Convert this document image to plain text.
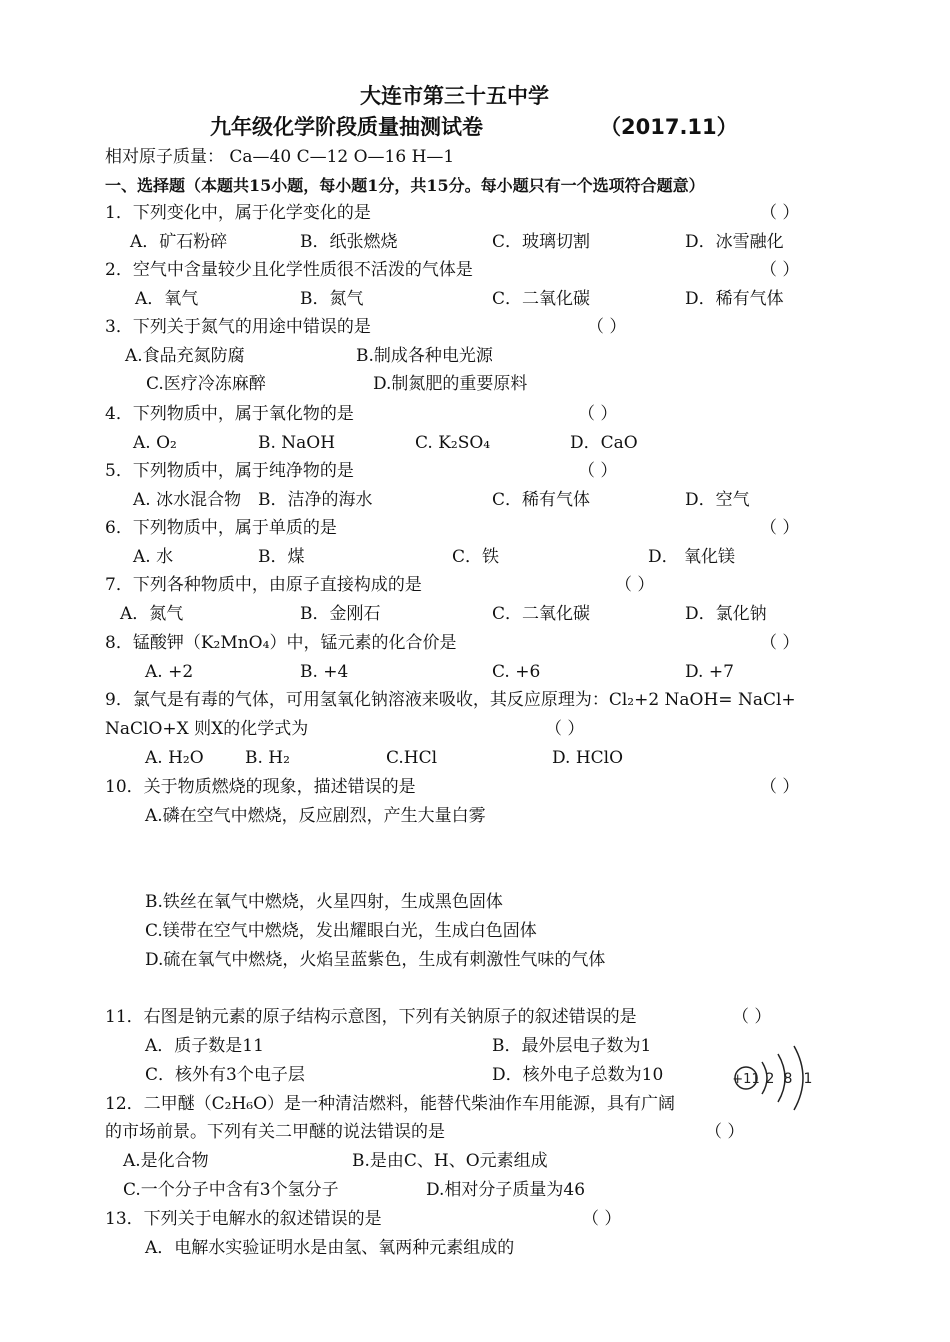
大连市第三十五中学
九年级化学阶段质量抽测试卷	（2017.11）
相对原子质量： Ca—40 C—12 O—16 H—1
一、选择题（本题共15小题，每小题1分，共15分。每小题只有一个选项符合题意）
1．下列变化中，属于化学变化的是	（ ）
A．矿石粉碎	B．纸张燃烧	C．玻璃切割	D．冰雪融化
2．空气中含量较少且化学性质很不活泼的气体是	（ ）
A．氧气	B．氮气	C．二氧化碳	D．稀有气体
3．下列关于氮气的用途中错误的是	（ ）
A.食品充氮防腐	B.制成各种电光源
C.医疗冷冻麻醉	D.制氮肥的重要原料
4．下列物质中，属于氧化物的是	（ ）
A. O₂	B. NaOH	C. K₂SO₄	D．CaO
5．下列物质中，属于纯净物的是	（ ）
A. 冰水混合物 B．洁净的海水	C．稀有气体	D．空气
6．下列物质中，属于单质的是	（ ）
A. 水	B．煤	C．铁	D． 氧化镁
7．下列各种物质中，由原子直接构成的是	（ ）
A．氮气	B．金刚石	C．二氧化碳	D．氯化钠
8．锰酸钾（K₂MnO₄）中，锰元素的化合价是	（ ）
A. +2	B. +4	C. +6	D. +7
9．氯气是有毒的气体，可用氢氧化钠溶液来吸收，其反应原理为：Cl₂+2 NaOH= NaCl+
NaClO+X 则X的化学式为	（ ）
A. H₂O B. H₂	C.HCl	D. HClO
10．关于物质燃烧的现象，描述错误的是	（ ）
A.磷在空气中燃烧，反应剧烈，产生大量白雾
B.铁丝在氧气中燃烧，火星四射，生成黑色固体
C.镁带在空气中燃烧，发出耀眼白光，生成白色固体
D.硫在氧气中燃烧，火焰呈蓝紫色，生成有刺激性气味的气体
11．右图是钠元素的原子结构示意图，下列有关钠原子的叙述错误的是	（ ）
A．质子数是11	B．最外层电子数为1
C．核外有3个电子层	D．核外电子总数为10	+11 2 8 1
12．二甲醚（C₂H₆O）是一种清洁燃料，能替代柴油作车用能源，具有广阔
的市场前景。下列有关二甲醚的说法错误的是	（ ）
A.是化合物	B.是由C、H、O元素组成
C.一个分子中含有3个氢分子	D.相对分子质量为46
13．下列关于电解水的叙述错误的是	（ ）
A．电解水实验证明水是由氢、氧两种元素组成的
